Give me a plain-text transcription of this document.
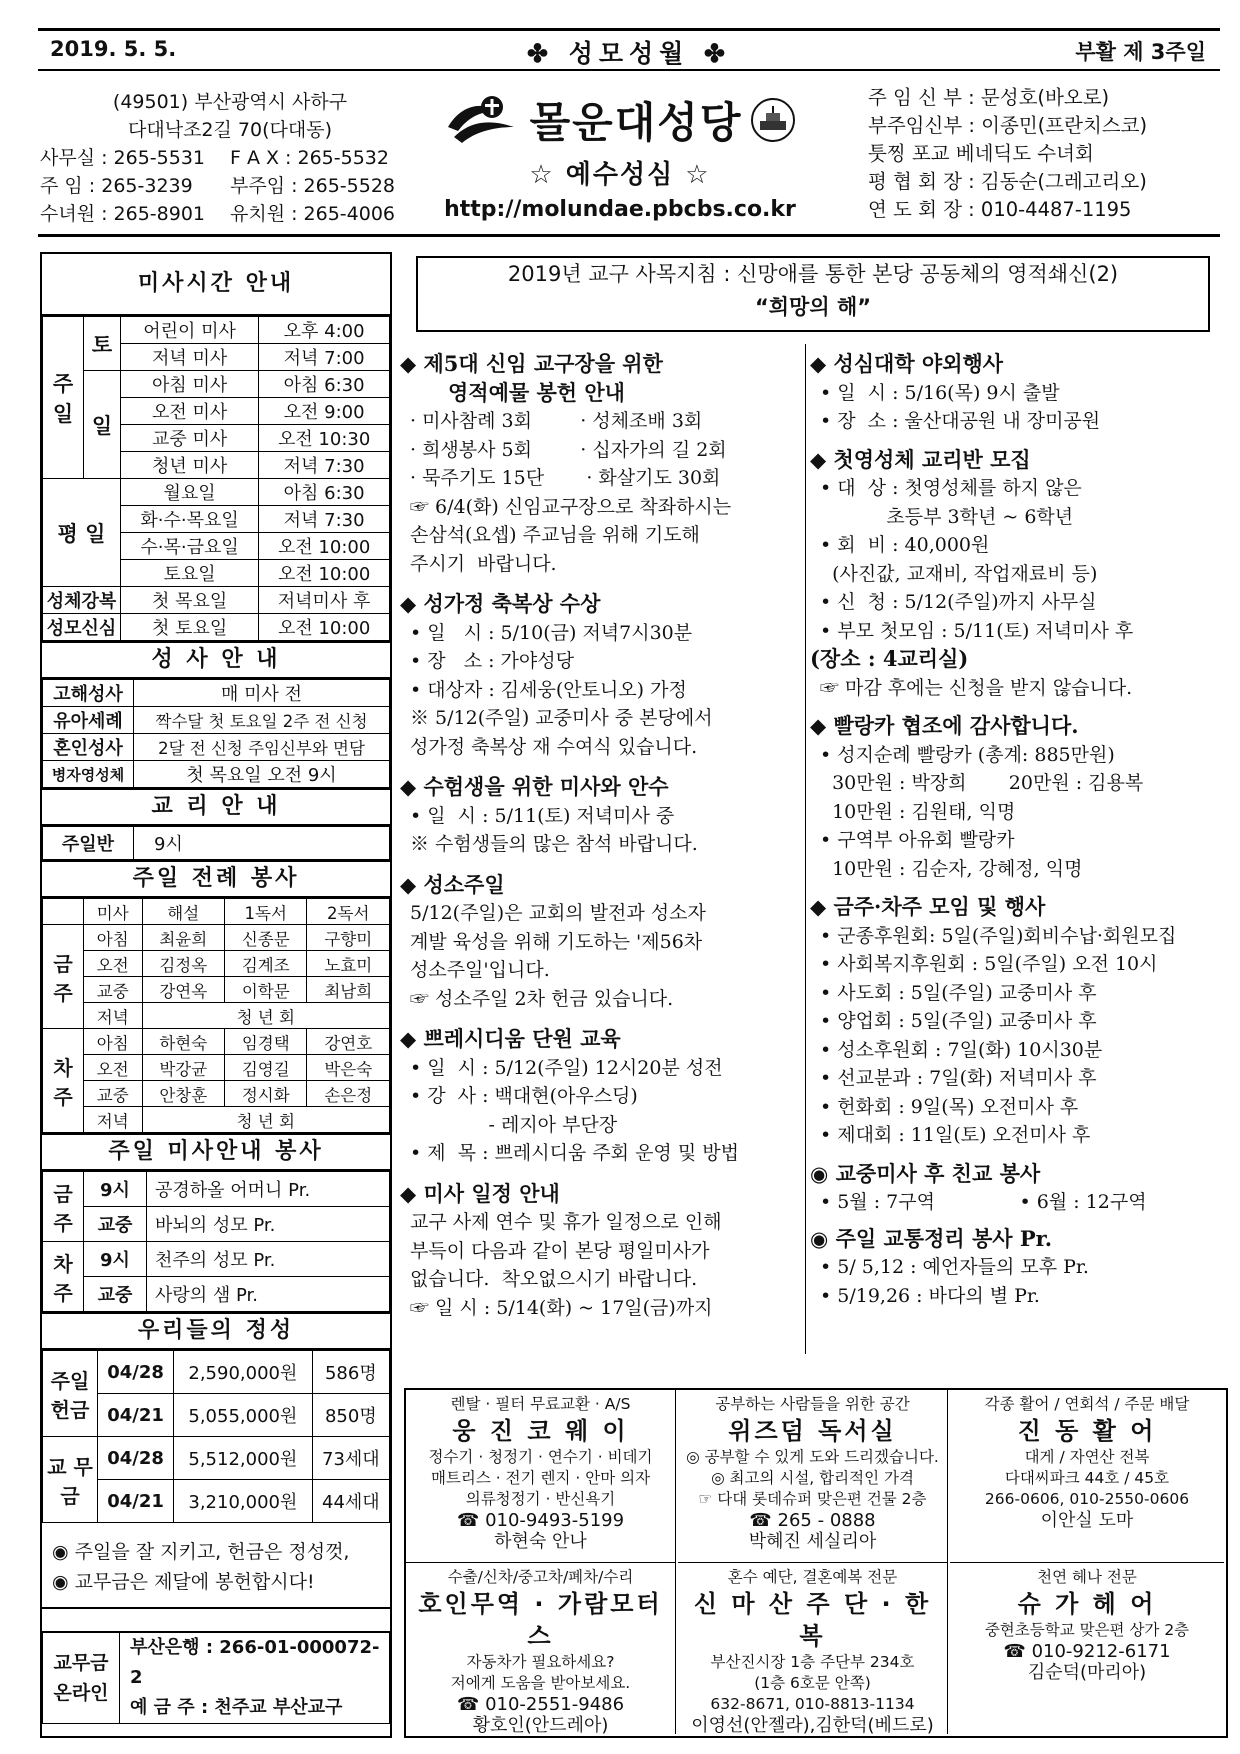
2019. 5. 5.	✤ 성모성월 ✤	부활 제 3주일
(49501) 부산광역시 사하구
다대낙조2길 70(다대동)
사무실 : 265-5531 F A X : 265-5532
주 임 : 265-3239 부주임 : 265-5528
수녀원 : 265-8901 유치원 : 265-4006
몰운대성당
☆ 예수성심 ☆
http://molundae.pbcbs.co.kr
주 임 신 부 : 문성호(바오로)
부주임신부 : 이종민(프란치스코)
툿찡 포교 베네딕도 수녀회
평 협 회 장 : 김동순(그레고리오)
연 도 회 장 : 010-4487-1195
미사시간 안내
주 일	토	어린이 미사	오후 4:00
		저녁 미사	저녁 7:00
	일	아침 미사	아침 6:30
		오전 미사	오전 9:00
		교중 미사	오전 10:30
		청년 미사	저녁 7:30
평 일		월요일	아침 6:30
		화·수·목요일	저녁 7:30
		수·목·금요일	오전 10:00
		토요일	오전 10:00
성체강복		첫 목요일	저녁미사 후
성모신심		첫 토요일	오전 10:00
성 사 안 내
고해성사	매 미사 전
유아세례	짝수달 첫 토요일 2주 전 신청
혼인성사	2달 전 신청 주임신부와 면담
병자영성체	첫 목요일 오전 9시
교 리 안 내
주일반	9시
주일 전례 봉사
	미사	해설	1독서	2독서
금 주	아침	최윤희	신종문	구향미
	오전	김정옥	김계조	노효미
	교중	강연옥	이학문	최남희
	저녁	청 년 회		
차 주	아침	하현숙	임경택	강연호
	오전	박강균	김영길	박은숙
	교중	안창훈	정시화	손은정
	저녁	청 년 회		
주일 미사안내 봉사
금 주	9시	공경하올 어머니 Pr.
	교중	바뇌의 성모 Pr.
차 주	9시	천주의 성모 Pr.
	교중	사랑의 샘 Pr.
우리들의 정성
주일 헌금	04/28	2,590,000원	586명
	04/21	5,055,000원	850명
교 무 금	04/28	5,512,000원	73세대
	04/21	3,210,000원	44세대
◉ 주일을 잘 지키고, 헌금은 정성껏,
◉ 교무금은 제달에 봉헌합시다!
교무금 온라인	
부산은행 : 266-01-000072-2
예 금 주 : 천주교 부산교구
2019년 교구 사목지침 : 신망애를 통한 본당 공동체의 영적쇄신(2)
“희망의 해”
◆ 제5대 신임 교구장을 위한
영적예물 봉헌 안내

· 미사참례 3회        · 성체조배 3회

· 희생봉사 5회        · 십자가의 길 2회

· 묵주기도 15단       · 화살기도 30회

☞ 6/4(화) 신임교구장으로 착좌하시는

손삼석(요셉) 주교님을 위해 기도해

주시기  바랍니다.

◆ 성가정 축복상 수상

• 일   시 : 5/10(금) 저녁7시30분

• 장   소 : 가야성당

• 대상자 : 김세웅(안토니오) 가정

※ 5/12(주일) 교중미사 중 본당에서

성가정 축복상 재 수여식 있습니다.

◆ 수험생을 위한 미사와 안수

• 일  시 : 5/11(토) 저녁미사 중

※ 수험생들의 많은 참석 바랍니다.

◆ 성소주일

5/12(주일)은 교회의 발전과 성소자

계발 육성을 위해 기도하는 '제56차

성소주일'입니다.

☞ 성소주일 2차 헌금 있습니다.

◆ 쁘레시디움 단원 교육

• 일  시 : 5/12(주일) 12시20분 성전

• 강  사 : 백대현(아우스딩)

- 레지아 부단장

• 제  목 : 쁘레시디움 주회 운영 및 방법

◆ 미사 일정 안내

교구 사제 연수 및 휴가 일정으로 인해

부득이 다음과 같이 본당 평일미사가

없습니다.  착오없으시기 바랍니다.

☞ 일 시 : 5/14(화) ~ 17일(금)까지

◆ 성심대학 야외행사

• 일  시 : 5/16(목) 9시 출발

• 장  소 : 울산대공원 내 장미공원

◆ 첫영성체 교리반 모집

• 대  상 : 첫영성체를 하지 않은

초등부 3학년 ~ 6학년

• 회  비 : 40,000원

(사진값, 교재비, 작업재료비 등)

• 신  청 : 5/12(주일)까지 사무실

• 부모 첫모임 : 5/11(토) 저녁미사 후

(장소 : 4교리실)

☞ 마감 후에는 신청을 받지 않습니다.

◆ 빨랑카 협조에 감사합니다.

• 성지순례 빨랑카 (총계: 885만원)

30만원 : 박장희       20만원 : 김용복

10만원 : 김원태, 익명

• 구역부 아유회 빨랑카

10만원 : 김순자, 강혜정, 익명

◆ 금주·차주 모임 및 행사

• 군종후원회: 5일(주일)회비수납·회원모집

• 사회복지후원회 : 5일(주일) 오전 10시

• 사도회 : 5일(주일) 교중미사 후

• 양업회 : 5일(주일) 교중미사 후

• 성소후원회 : 7일(화) 10시30분

• 선교분과 : 7일(화) 저녁미사 후

• 헌화회 : 9일(목) 오전미사 후

• 제대회 : 11일(토) 오전미사 후

◉ 교중미사 후 친교 봉사

• 5월 : 7구역              • 6월 : 12구역

◉ 주일 교통정리 봉사 Pr.

• 5/ 5,12 : 예언자들의 모후 Pr.

• 5/19,26 : 바다의 별 Pr.

렌탈 · 필터 무료교환 · A/S
웅 진 코 웨 이
정수기 · 청정기 · 연수기 · 비데기
매트리스 · 전기 렌지 · 안마 의자
의류청정기 · 반신욕기
☎ 010-9493-5199
하현숙 안나
공부하는 사람들을 위한 공간
위즈덤 독서실
◎ 공부할 수 있게 도와 드리겠습니다.
◎ 최고의 시설, 합리적인 가격
☞ 다대 롯데슈퍼 맞은편 건물 2층
☎ 265 - 0888
박혜진 세실리아
각종 활어 / 연회석 / 주문 배달
진 동 활 어
대게 / 자연산 전복
다대씨파크 44호 / 45호
266-0606, 010-2550-0606
이안실 도마
수출/신차/중고차/폐차/수리
호인무역 · 가람모터스
자동차가 필요하세요?
저에게 도움을 받아보세요.
☎ 010-2551-9486
황호인(안드레아)
혼수 예단, 결혼예복 전문
신 마 산 주 단 · 한 복
부산진시장 1층 주단부 234호
(1층 6호문 안쪽)
632-8671, 010-8813-1134
이영선(안젤라),김한덕(베드로)
천연 헤나 전문
슈 가 헤 어
중현초등학교 맞은편 상가 2층
☎ 010-9212-6171
김순덕(마리아)
